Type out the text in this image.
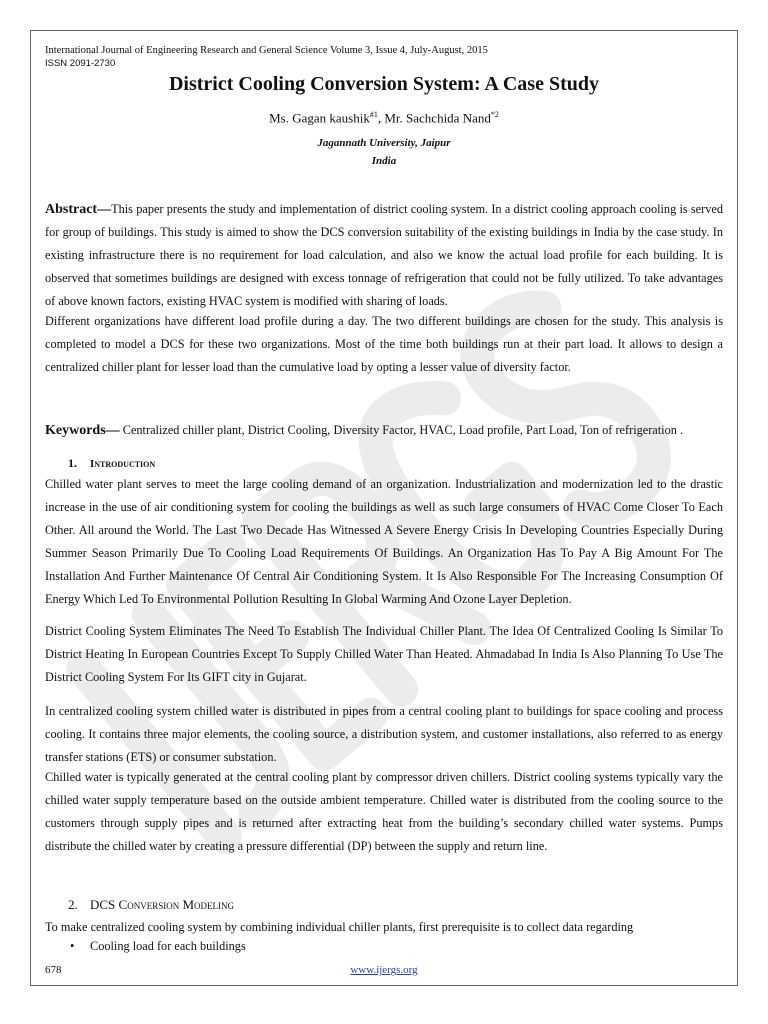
International Journal of Engineering Research and General Science Volume 3, Issue 4, July-August, 2015
ISSN 2091-2730
District Cooling Conversion System: A Case Study
Ms. Gagan kaushik$^{\#1}$, Mr. Sachchida Nand$^{*2}$
Jagannath University, Jaipur
India
Abstract—This paper presents the study and implementation of district cooling system. In a district cooling approach cooling is served for group of buildings. This study is aimed to show the DCS conversion suitability of the existing buildings in India by the case study. In existing infrastructure there is no requirement for load calculation, and also we know the actual load profile for each building. It is observed that sometimes buildings are designed with excess tonnage of refrigeration that could not be fully utilized. To take advantages of above known factors, existing HVAC system is modified with sharing of loads.
Different organizations have different load profile during a day. The two different buildings are chosen for the study. This analysis is completed to model a DCS for these two organizations. Most of the time both buildings run at their part load. It allows to design a centralized chiller plant for lesser load than the cumulative load by opting a lesser value of diversity factor.
Keywords— Centralized chiller plant, District Cooling, Diversity Factor, HVAC, Load profile, Part Load, Ton of refrigeration .
1. Introduction
Chilled water plant serves to meet the large cooling demand of an organization. Industrialization and modernization led to the drastic increase in the use of air conditioning system for cooling the buildings as well as such large consumers of HVAC Come Closer To Each Other. All around the World. The Last Two Decade Has Witnessed A Severe Energy Crisis In Developing Countries Especially During Summer Season Primarily Due To Cooling Load Requirements Of Buildings. An Organization Has To Pay A Big Amount For The Installation And Further Maintenance Of Central Air Conditioning System. It Is Also Responsible For The Increasing Consumption Of Energy Which Led To Environmental Pollution Resulting In Global Warming And Ozone Layer Depletion.
District Cooling System Eliminates The Need To Establish The Individual Chiller Plant. The Idea Of Centralized Cooling Is Similar To District Heating In European Countries Except To Supply Chilled Water Than Heated. Ahmadabad In India Is Also Planning To Use The District Cooling System For Its GIFT city in Gujarat.
In centralized cooling system chilled water is distributed in pipes from a central cooling plant to buildings for space cooling and process cooling. It contains three major elements, the cooling source, a distribution system, and customer installations, also referred to as energy transfer stations (ETS) or consumer substation.
Chilled water is typically generated at the central cooling plant by compressor driven chillers. District cooling systems typically vary the chilled water supply temperature based on the outside ambient temperature. Chilled water is distributed from the cooling source to the customers through supply pipes and is returned after extracting heat from the building’s secondary chilled water systems. Pumps distribute the chilled water by creating a pressure differential (DP) between the supply and return line.
2. DCS Conversion Modeling
To make centralized cooling system by combining individual chiller plants, first prerequisite is to collect data regarding
• Cooling load for each buildings
678	www.ijergs.org
